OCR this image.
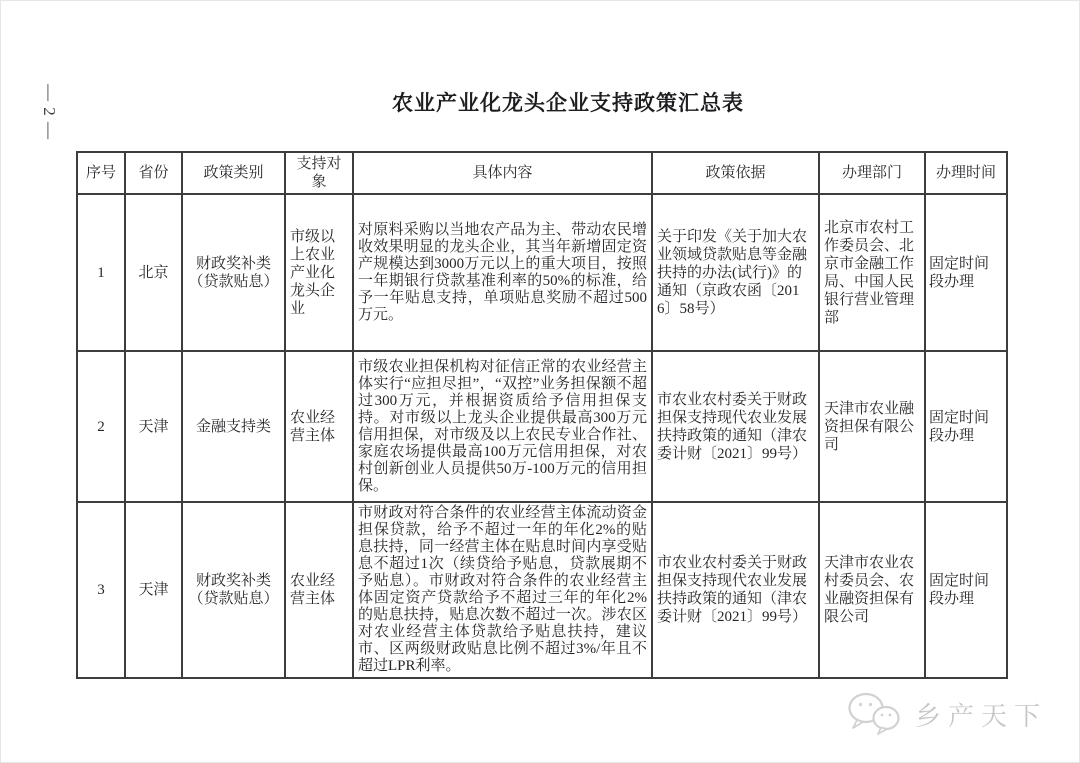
— 2 —	农业产业化龙头企业支持政策汇总表
序号	省份	政策类别	支持对象	具体内容	政策依据	办理部门	办理时间
1	北京	财政奖补类（贷款贴息）	市级以上农业产业化龙头企业	对原料采购以当地农产品为主、带动农民增收效果明显的龙头企业，其当年新增固定资产规模达到3000万元以上的重大项目，按照一年期银行贷款基准利率的50%的标准，给予一年贴息支持，单项贴息奖励不超过500万元。	关于印发《关于加大农业领域贷款贴息等金融扶持的办法(试行)》的通知（京政农函〔2016〕58号）	北京市农村工作委员会、北京市金融工作局、中国人民银行营业管理部	固定时间段办理
2	天津	金融支持类	农业经营主体	市级农业担保机构对征信正常的农业经营主体实行“应担尽担”，“双控”业务担保额不超过300万元，并根据资质给予信用担保支持。对市级以上龙头企业提供最高300万元信用担保，对市级及以上农民专业合作社、家庭农场提供最高100万元信用担保，对农村创新创业人员提供50万-100万元的信用担保。	市农业农村委关于财政担保支持现代农业发展扶持政策的通知（津农委计财〔2021〕99号）	天津市农业融资担保有限公司	固定时间段办理
3	天津	财政奖补类（贷款贴息）	农业经营主体	市财政对符合条件的农业经营主体流动资金担保贷款，给予不超过一年的年化2%的贴息扶持，同一经营主体在贴息时间内享受贴息不超过1次（续贷给予贴息，贷款展期不予贴息）。市财政对符合条件的农业经营主体固定资产贷款给予不超过三年的年化2%的贴息扶持，贴息次数不超过一次。涉农区对农业经营主体贷款给予贴息扶持，建议市、区两级财政贴息比例不超过3%/年且不超过LPR利率。	市农业农村委关于财政担保支持现代农业发展扶持政策的通知（津农委计财〔2021〕99号）	天津市农业农村委员会、农业融资担保有限公司	固定时间段办理
乡产天下
